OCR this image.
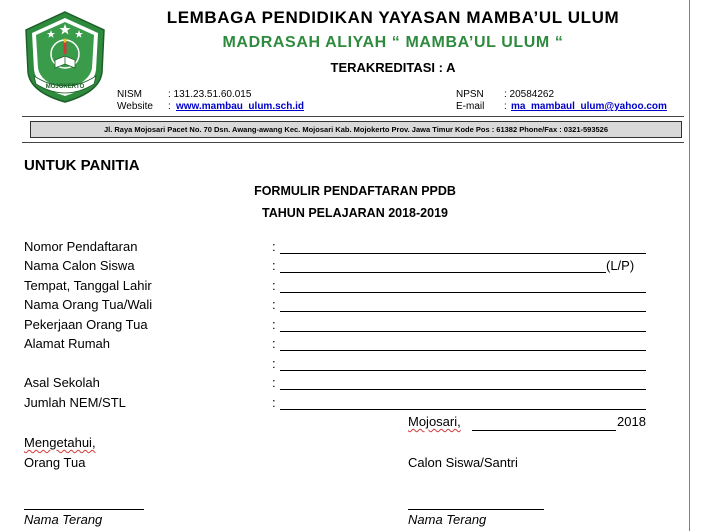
MOJOKERTO
LEMBAGA PENDIDIKAN YAYASAN MAMBA’UL ULUM
MADRASAH ALIYAH “ MAMBA’UL ULUM “
TERAKREDITASI : A
NISM	: 131.23.51.60.015
Website : www.mambau_ulum.sch.id
NPSN : 20584262
E-mail : ma_mambaul_ulum@yahoo.com
Jl. Raya Mojosari Pacet No. 70 Dsn. Awang-awang Kec. Mojosari Kab. Mojokerto Prov. Jawa Timur Kode Pos : 61382 Phone/Fax : 0321-593526
UNTUK PANITIA
FORMULIR PENDAFTARAN PPDB
TAHUN PELAJARAN 2018-2019
Nomor Pendaftaran	:
Nama Calon Siswa	:	(L/P)
Tempat, Tanggal Lahir	:
Nama Orang Tua/Wali	:
Pekerjaan Orang Tua	:
Alamat Rumah	:
:
Asal Sekolah	:
Jumlah NEM/STL	:
Mojosari,	2018
Mengetahui,
Orang Tua	Calon Siswa/Santri
Nama Terang	Nama Terang
